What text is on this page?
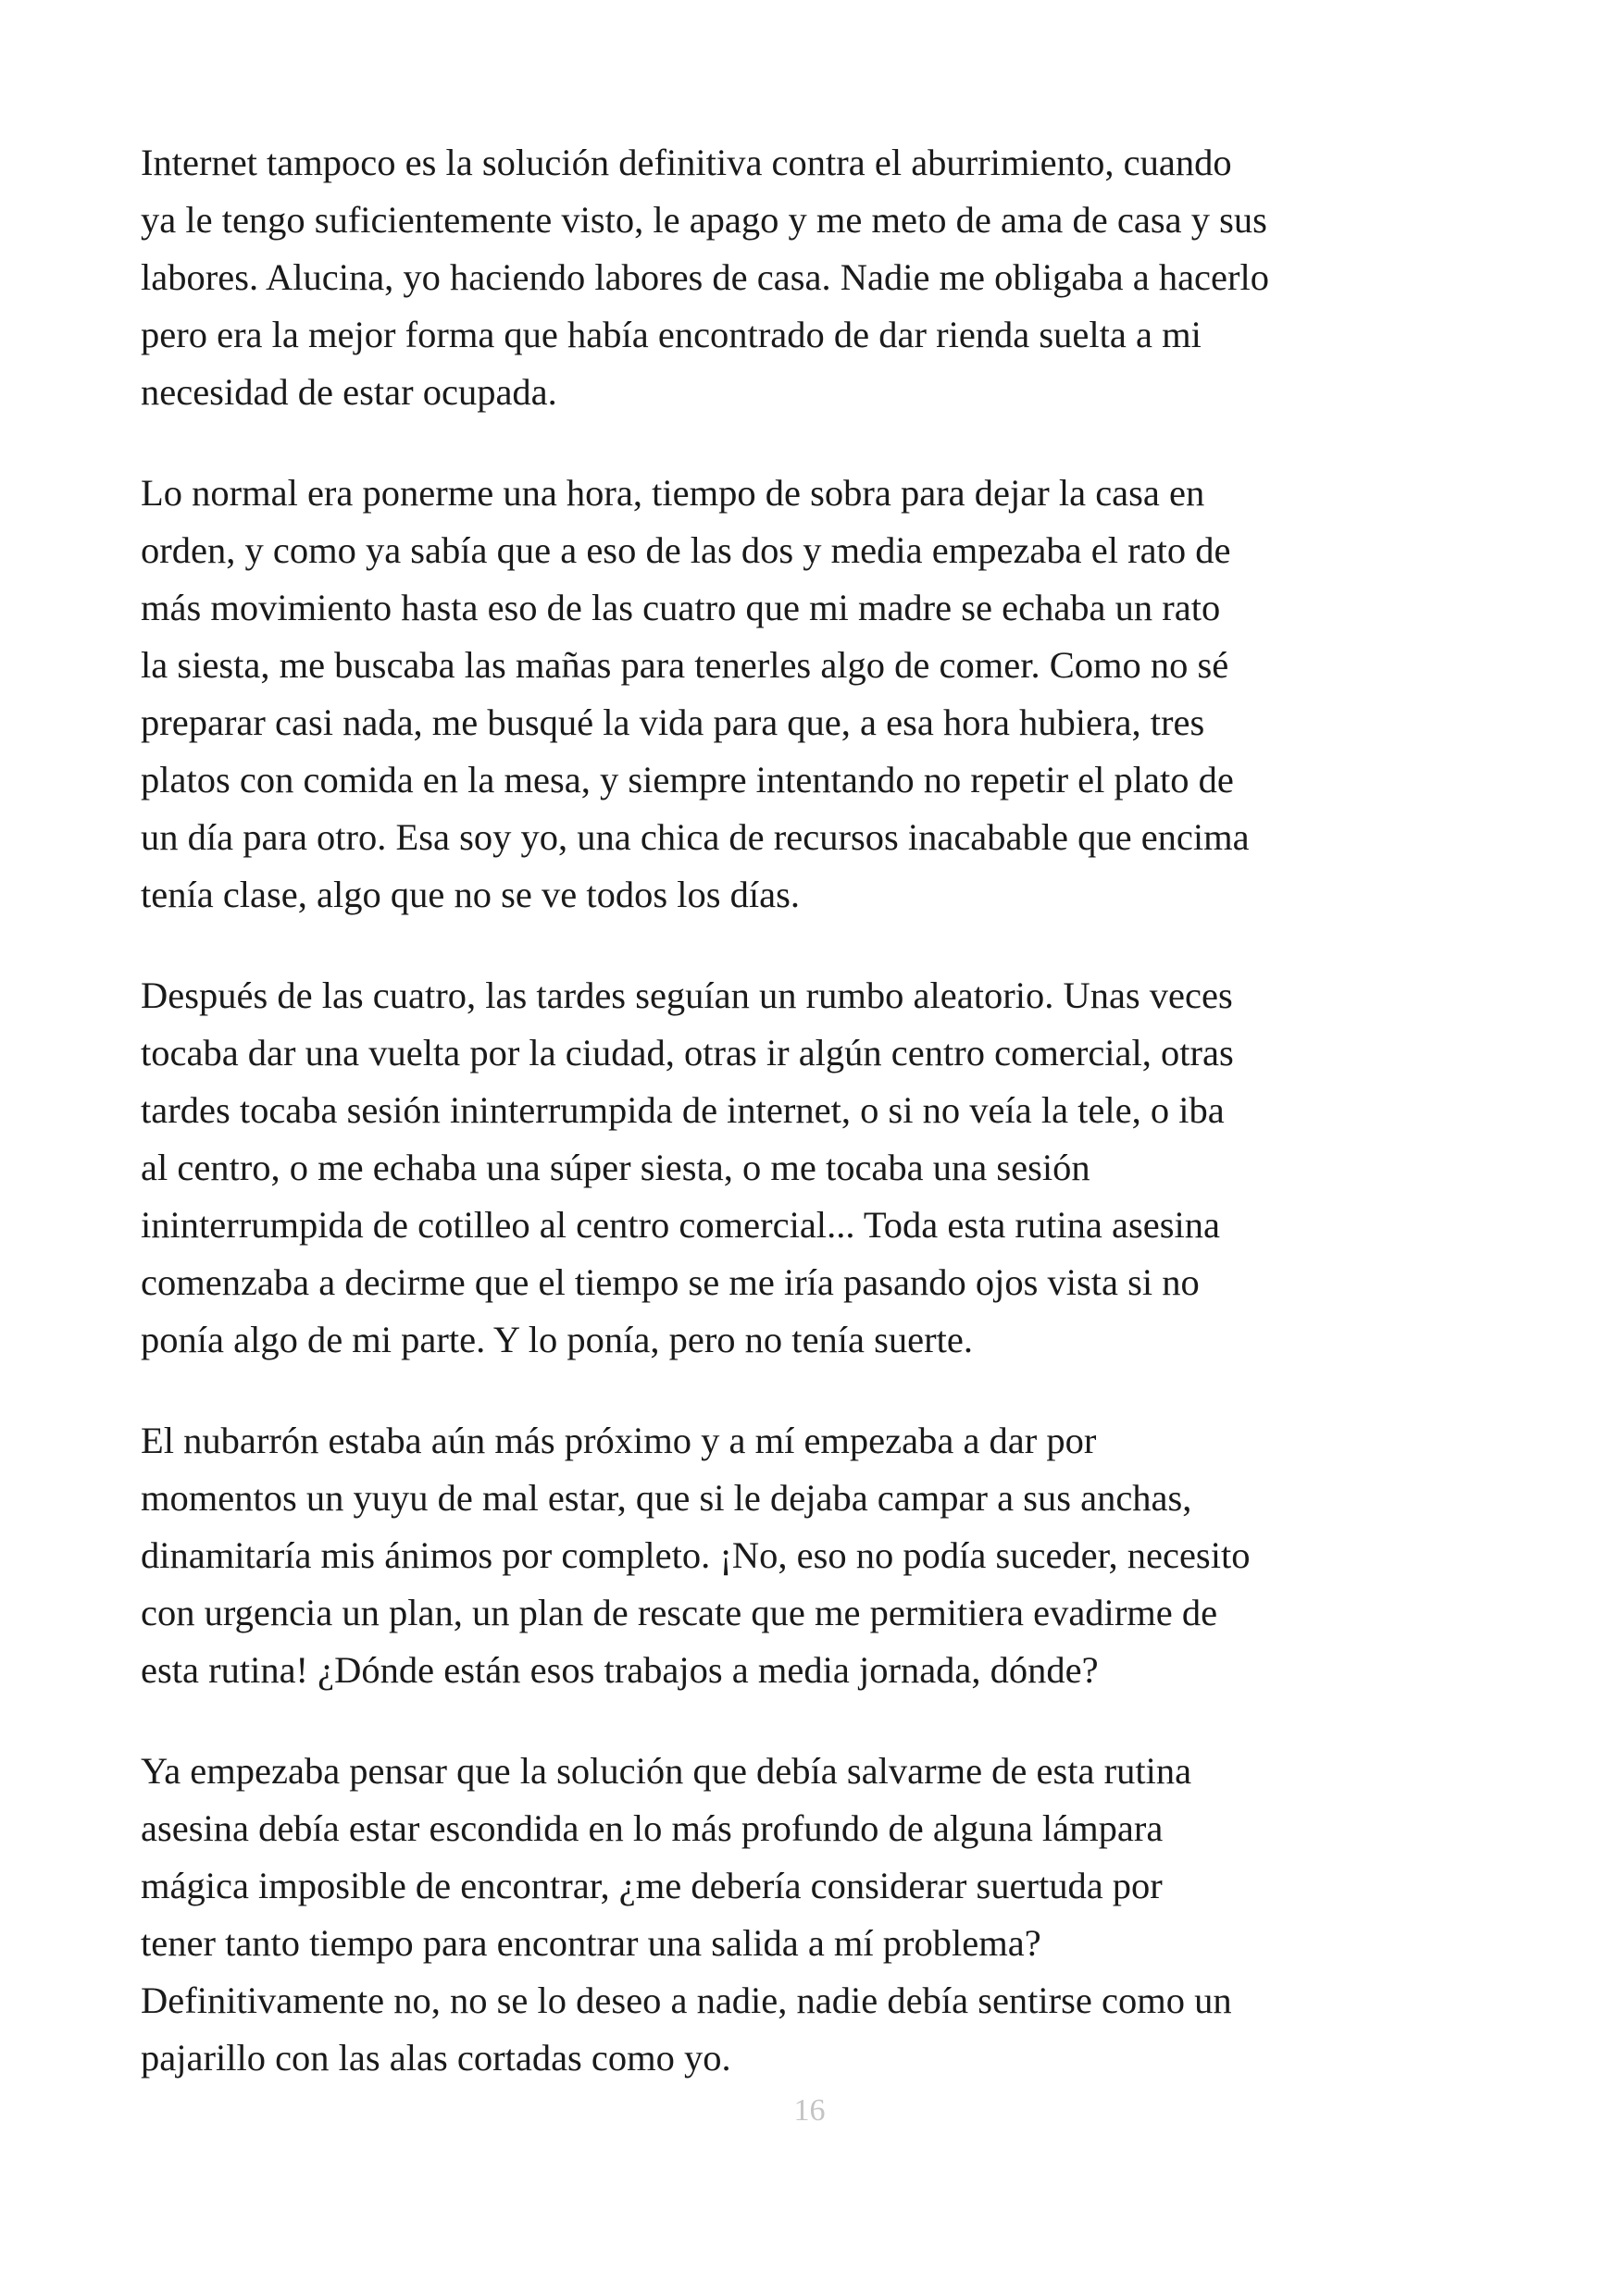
Internet tampoco es la solución definitiva contra el aburrimiento, cuando
ya le tengo suficientemente visto, le apago y me meto de ama de casa y sus
labores. Alucina, yo haciendo labores de casa. Nadie me obligaba a hacerlo
pero era la mejor forma que había encontrado de dar rienda suelta a mi
necesidad de estar ocupada.

Lo normal era ponerme una hora, tiempo de sobra para dejar la casa en
orden, y como ya sabía que a eso de las dos y media empezaba el rato de
más movimiento hasta eso de las cuatro que mi madre se echaba un rato
la siesta, me buscaba las mañas para tenerles algo de comer. Como no sé
preparar casi nada, me busqué la vida para que, a esa hora hubiera, tres
platos con comida en la mesa, y siempre intentando no repetir el plato de
un día para otro. Esa soy yo, una chica de recursos inacabable que encima
tenía clase, algo que no se ve todos los días.

Después de las cuatro, las tardes seguían un rumbo aleatorio. Unas veces
tocaba dar una vuelta por la ciudad, otras ir algún centro comercial, otras
tardes tocaba sesión ininterrumpida de internet, o si no veía la tele, o iba
al centro, o me echaba una súper siesta, o me tocaba una sesión
ininterrumpida de cotilleo al centro comercial... Toda esta rutina asesina
comenzaba a decirme que el tiempo se me iría pasando ojos vista si no
ponía algo de mi parte. Y lo ponía, pero no tenía suerte.

El nubarrón estaba aún más próximo y a mí empezaba a dar por
momentos un yuyu de mal estar, que si le dejaba campar a sus anchas,
dinamitaría mis ánimos por completo. ¡No, eso no podía suceder, necesito
con urgencia un plan, un plan de rescate que me permitiera evadirme de
esta rutina! ¿Dónde están esos trabajos a media jornada, dónde?

Ya empezaba pensar que la solución que debía salvarme de esta rutina
asesina debía estar escondida en lo más profundo de alguna lámpara
mágica imposible de encontrar, ¿me debería considerar suertuda por
tener tanto tiempo para encontrar una salida a mí problema?
Definitivamente no, no se lo deseo a nadie, nadie debía sentirse como un
pajarillo con las alas cortadas como yo.

16
